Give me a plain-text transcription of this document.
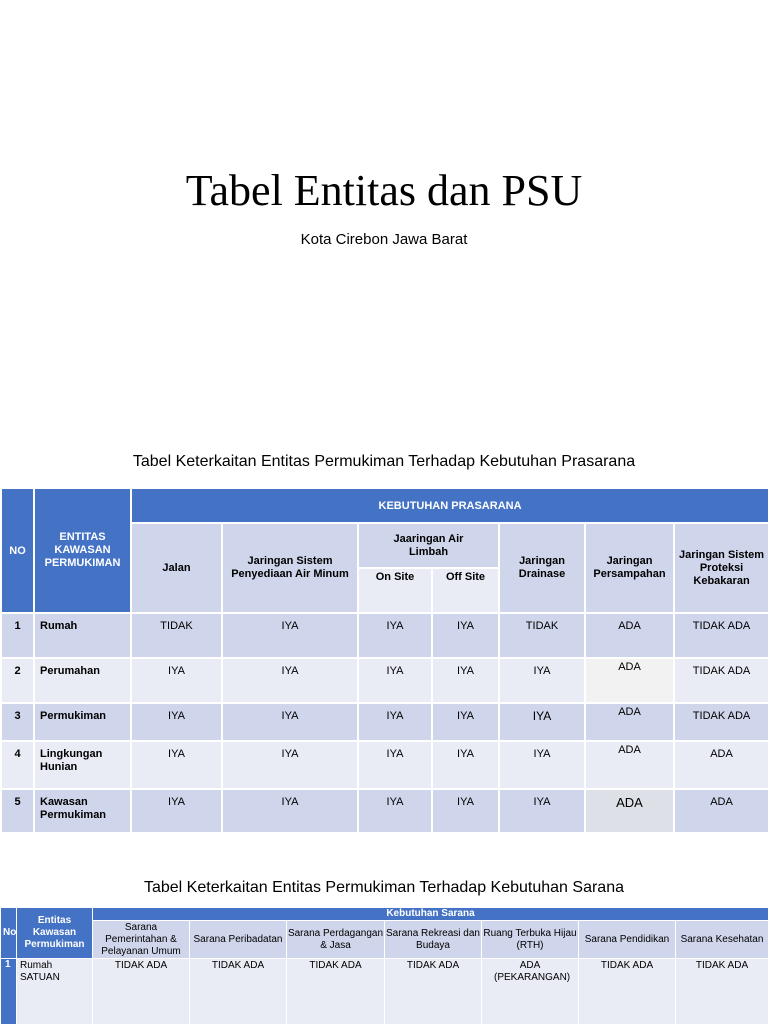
Tabel Entitas dan PSU
Kota Cirebon Jawa Barat
Tabel Keterkaitan Entitas Permukiman Terhadap Kebutuhan Prasarana
NO	ENTITAS KAWASAN PERMUKIMAN	KEBUTUHAN PRASARANA						
		Jalan	Jaringan Sistem Penyediaan Air Minum	Jaaringan Air Limbah		Jaringan Drainase	Jaringan Persampahan	Jaringan Sistem Proteksi Kebakaran
				On Site	Off Site			
1	Rumah	TIDAK	IYA	IYA	IYA	TIDAK	ADA	TIDAK ADA
2	Perumahan	IYA	IYA	IYA	IYA	IYA	ADA	TIDAK ADA
3	Permukiman	IYA	IYA	IYA	IYA	IYA	ADA	TIDAK ADA
4	Lingkungan Hunian	IYA	IYA	IYA	IYA	IYA	ADA	ADA
5	Kawasan Permukiman	IYA	IYA	IYA	IYA	IYA	ADA	ADA
Tabel Keterkaitan Entitas Permukiman Terhadap Kebutuhan Sarana
No	Entitas Kawasan Permukiman	Kebutuhan Sarana						
		Sarana Pemerintahan & Pelayanan Umum	Sarana Peribadatan	Sarana Perdagangan & Jasa	Sarana Rekreasi dan Budaya	Ruang Terbuka Hijau (RTH)	Sarana Pendidikan	Sarana Kesehatan
1	Rumah SATUAN	TIDAK ADA	TIDAK ADA	TIDAK ADA	TIDAK ADA	ADA (PEKARANGAN)	TIDAK ADA	TIDAK ADA
